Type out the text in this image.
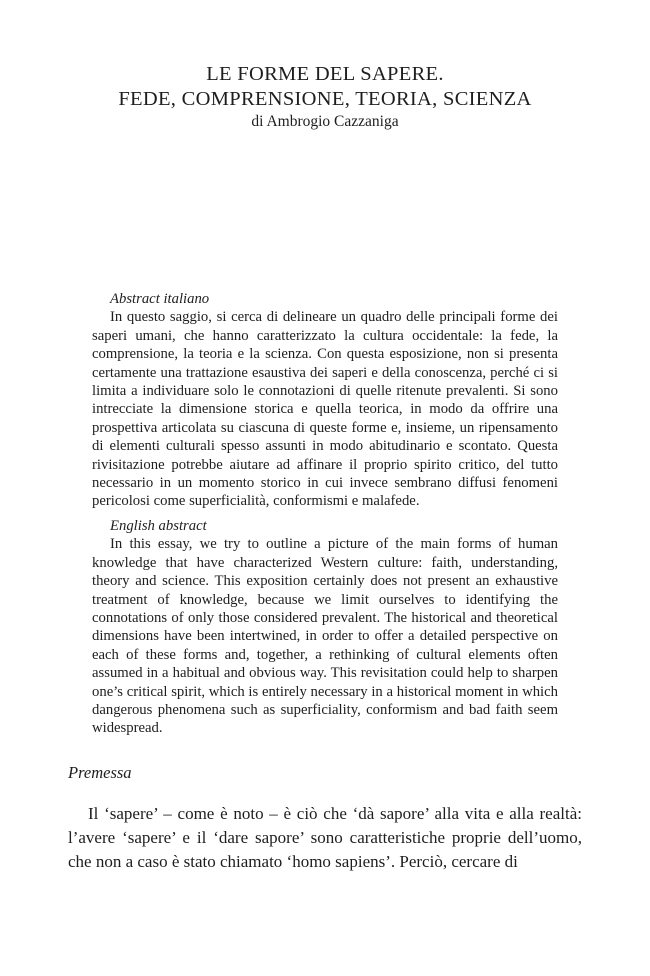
LE FORME DEL SAPERE.
FEDE, COMPRENSIONE, TEORIA, SCIENZA
di Ambrogio Cazzaniga
Abstract italiano

In questo saggio, si cerca di delineare un quadro delle principali forme dei saperi umani, che hanno caratterizzato la cultura occidentale: la fede, la comprensione, la teoria e la scienza. Con questa esposizione, non si presenta certamente una trattazione esaustiva dei saperi e della conoscenza, perché ci si limita a individuare solo le connotazioni di quelle ritenute prevalenti. Si sono intrecciate la dimensione storica e quella teorica, in modo da offrire una prospettiva articolata su ciascuna di queste forme e, insieme, un ripensamento di elementi culturali spesso assunti in modo abitudinario e scontato. Questa rivisitazione potrebbe aiutare ad affinare il proprio spirito critico, del tutto necessario in un momento storico in cui invece sembrano diffusi fenomeni pericolosi come superficialità, conformismi e malafede.

English abstract

In this essay, we try to outline a picture of the main forms of human knowledge that have characterized Western culture: faith, understanding, theory and science. This exposition certainly does not present an exhaustive treatment of knowledge, because we limit ourselves to identifying the connotations of only those considered prevalent. The historical and theoretical dimensions have been intertwined, in order to offer a detailed perspective on each of these forms and, together, a rethinking of cultural elements often assumed in a habitual and obvious way. This revisitation could help to sharpen one’s critical spirit, which is entirely necessary in a historical moment in which dangerous phenomena such as superficiality, conformism and bad faith seem widespread.

Premessa

Il ‘sapere’ – come è noto – è ciò che ‘dà sapore’ alla vita e alla realtà: l’avere ‘sapere’ e il ‘dare sapore’ sono caratteristiche proprie dell’uomo, che non a caso è stato chiamato ‘homo sapiens’. Perciò, cercare di
